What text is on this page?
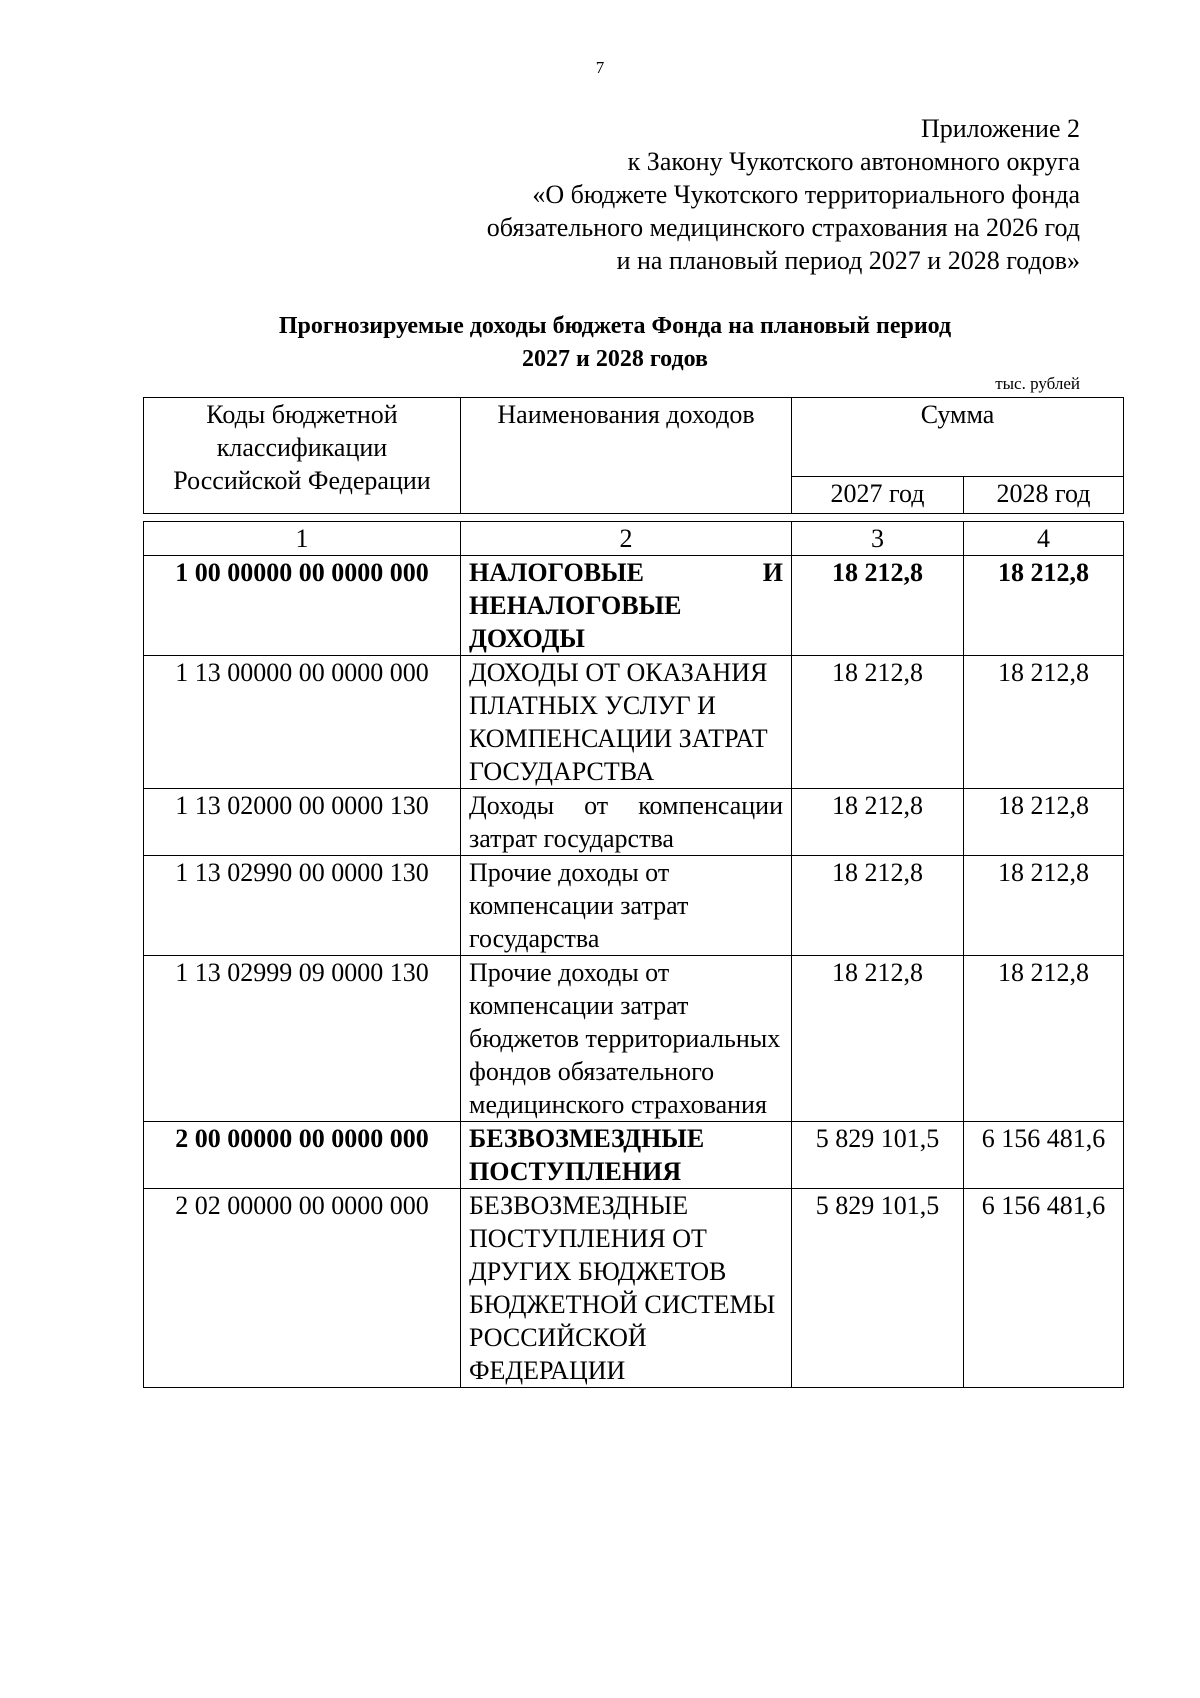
7
Приложение 2
к Закону Чукотского автономного округа
«О бюджете Чукотского территориального фонда
обязательного медицинского страхования на 2026 год
и на плановый период 2027 и 2028 годов»
Прогнозируемые доходы бюджета Фонда на плановый период
2027 и 2028 годов
тыс. рублей
Коды бюджетной классификации Российской Федерации	Наименования доходов	Сумма	
		2027 год	2028 год
1	2	3	4
1 00 00000 00 0000 000	НАЛОГОВЫЕ И НЕНАЛОГОВЫЕ ДОХОДЫ	18 212,8	18 212,8
1 13 00000 00 0000 000	ДОХОДЫ ОТ ОКАЗАНИЯ ПЛАТНЫХ УСЛУГ И КОМПЕНСАЦИИ ЗАТРАТ ГОСУДАРСТВА	18 212,8	18 212,8
1 13 02000 00 0000 130	Доходы от компенсации затрат государства	18 212,8	18 212,8
1 13 02990 00 0000 130	Прочие доходы от компенсации затрат государства	18 212,8	18 212,8
1 13 02999 09 0000 130	Прочие доходы от компенсации затрат бюджетов территориальных фондов обязательного медицинского страхования	18 212,8	18 212,8
2 00 00000 00 0000 000	БЕЗВОЗМЕЗДНЫЕ ПОСТУПЛЕНИЯ	5 829 101,5	6 156 481,6
2 02 00000 00 0000 000	БЕЗВОЗМЕЗДНЫЕ ПОСТУПЛЕНИЯ ОТ ДРУГИХ БЮДЖЕТОВ БЮДЖЕТНОЙ СИСТЕМЫ РОССИЙСКОЙ ФЕДЕРАЦИИ	5 829 101,5	6 156 481,6
